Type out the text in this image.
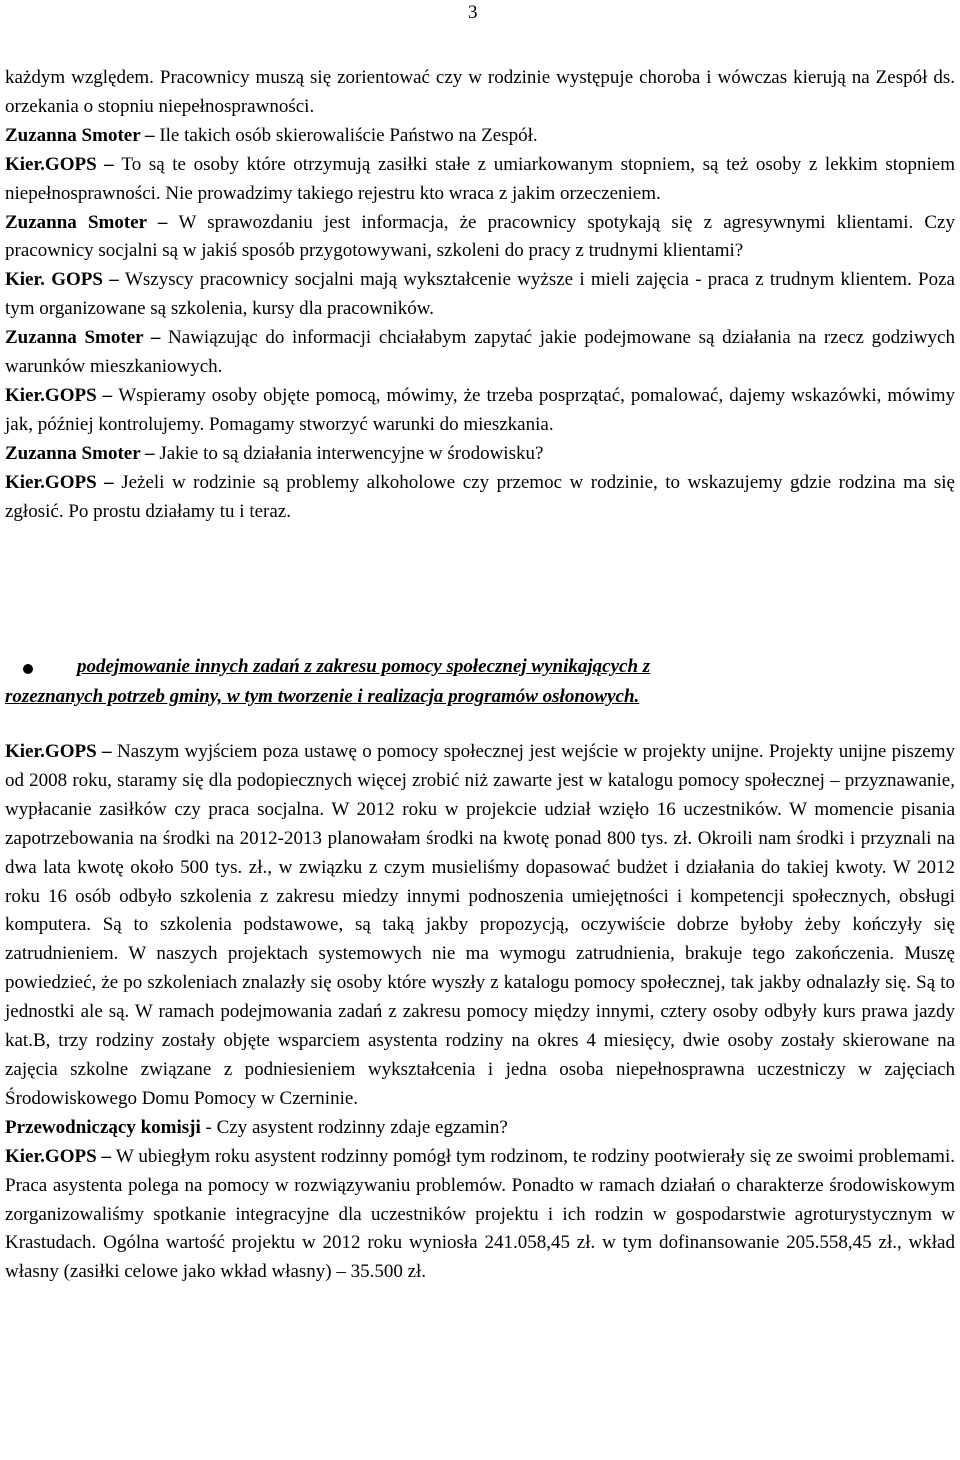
3
każdym względem. Pracownicy muszą się zorientować czy w rodzinie występuje choroba i wówczas kierują na Zespół ds. orzekania o stopniu niepełnosprawności.
Zuzanna Smoter – Ile takich osób skierowaliście Państwo na Zespół.
Kier.GOPS – To są te osoby które otrzymują zasiłki stałe z umiarkowanym stopniem, są też osoby z lekkim stopniem niepełnosprawności. Nie prowadzimy takiego rejestru kto wraca z jakim orzeczeniem.
Zuzanna Smoter – W sprawozdaniu jest informacja, że pracownicy spotykają się z agresywnymi klientami. Czy pracownicy socjalni są w jakiś sposób przygotowywani, szkoleni do pracy z trudnymi klientami?
Kier. GOPS – Wszyscy pracownicy socjalni mają wykształcenie wyższe i mieli zajęcia - praca z trudnym klientem. Poza tym organizowane są szkolenia, kursy dla pracowników.
Zuzanna Smoter – Nawiązując do informacji chciałabym zapytać jakie podejmowane są działania na rzecz godziwych warunków mieszkaniowych.
Kier.GOPS – Wspieramy osoby objęte pomocą, mówimy, że trzeba posprzątać, pomalować, dajemy wskazówki, mówimy jak, później kontrolujemy. Pomagamy stworzyć warunki do mieszkania.
Zuzanna Smoter – Jakie to są działania interwencyjne w środowisku?
Kier.GOPS – Jeżeli w rodzinie są problemy alkoholowe czy przemoc w rodzinie, to wskazujemy gdzie rodzina ma się zgłosić. Po prostu działamy tu i teraz.
podejmowanie innych zadań z zakresu pomocy społecznej wynikających z
rozeznanych potrzeb gminy, w tym tworzenie i realizacja programów osłonowych.
Kier.GOPS – Naszym wyjściem poza ustawę o pomocy społecznej jest wejście w projekty unijne. Projekty unijne piszemy od 2008 roku, staramy się dla podopiecznych więcej zrobić niż zawarte jest w katalogu pomocy społecznej – przyznawanie, wypłacanie zasiłków czy praca socjalna. W 2012 roku w projekcie udział wzięło 16 uczestników. W momencie pisania zapotrzebowania na środki na 2012-2013 planowałam środki na kwotę ponad 800 tys. zł. Okroili nam środki i przyznali na dwa lata kwotę około 500 tys. zł., w związku z czym musieliśmy dopasować budżet i działania do takiej kwoty. W 2012 roku 16 osób odbyło szkolenia z zakresu miedzy innymi podnoszenia umiejętności i kompetencji społecznych, obsługi komputera. Są to szkolenia podstawowe, są taką jakby propozycją, oczywiście dobrze byłoby żeby kończyły się zatrudnieniem. W naszych projektach systemowych nie ma wymogu zatrudnienia, brakuje tego zakończenia. Muszę powiedzieć, że po szkoleniach znalazły się osoby które wyszły z katalogu pomocy społecznej, tak jakby odnalazły się. Są to jednostki ale są. W ramach podejmowania zadań z zakresu pomocy między innymi, cztery osoby odbyły kurs prawa jazdy kat.B, trzy rodziny zostały objęte wsparciem asystenta rodziny na okres 4 miesięcy, dwie osoby zostały skierowane na zajęcia szkolne związane z podniesieniem wykształcenia i jedna osoba niepełnosprawna uczestniczy w zajęciach Środowiskowego Domu Pomocy w Czerninie.
Przewodniczący komisji - Czy asystent rodzinny zdaje egzamin?
Kier.GOPS – W ubiegłym roku asystent rodzinny pomógł tym rodzinom, te rodziny pootwierały się ze swoimi problemami. Praca asystenta polega na pomocy w rozwiązywaniu problemów. Ponadto w ramach działań o charakterze środowiskowym zorganizowaliśmy spotkanie integracyjne dla uczestników projektu i ich rodzin w gospodarstwie agroturystycznym w Krastudach. Ogólna wartość projektu w 2012 roku wyniosła 241.058,45 zł. w tym dofinansowanie 205.558,45 zł., wkład własny (zasiłki celowe jako wkład własny) – 35.500 zł.
